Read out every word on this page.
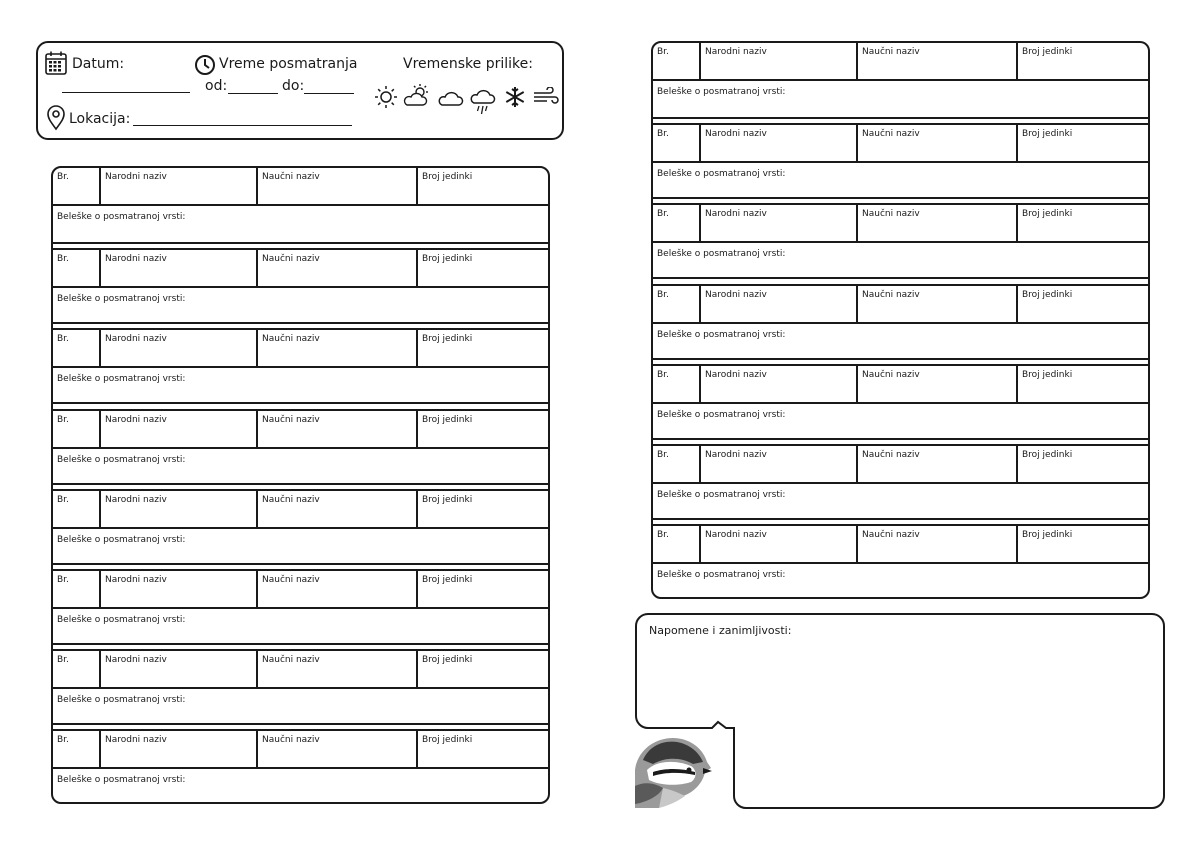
Datum:	Vreme posmatranja
od:	do:
Lokacija:
Vremenske prilike:
Br.	Narodni naziv	Naučni naziv	Broj jedinki
Beleške o posmatranoj vrsti:
Br.	Narodni naziv	Naučni naziv	Broj jedinki
Beleške o posmatranoj vrsti:
Br.	Narodni naziv	Naučni naziv	Broj jedinki
Beleške o posmatranoj vrsti:
Br.	Narodni naziv	Naučni naziv	Broj jedinki
Beleške o posmatranoj vrsti:
Br.	Narodni naziv	Naučni naziv	Broj jedinki
Beleške o posmatranoj vrsti:
Br.	Narodni naziv	Naučni naziv	Broj jedinki
Beleške o posmatranoj vrsti:
Br.	Narodni naziv	Naučni naziv	Broj jedinki
Beleške o posmatranoj vrsti:
Br.	Narodni naziv	Naučni naziv	Broj jedinki
Beleške o posmatranoj vrsti:
Br.	Narodni naziv	Naučni naziv	Broj jedinki
Beleške o posmatranoj vrsti:
Br.	Narodni naziv	Naučni naziv	Broj jedinki
Beleške o posmatranoj vrsti:
Br.	Narodni naziv	Naučni naziv	Broj jedinki
Beleške o posmatranoj vrsti:
Br.	Narodni naziv	Naučni naziv	Broj jedinki
Beleške o posmatranoj vrsti:
Br.	Narodni naziv	Naučni naziv	Broj jedinki
Beleške o posmatranoj vrsti:
Br.	Narodni naziv	Naučni naziv	Broj jedinki
Beleške o posmatranoj vrsti:
Br.	Narodni naziv	Naučni naziv	Broj jedinki
Beleške o posmatranoj vrsti:
Napomene i zanimljivosti:
